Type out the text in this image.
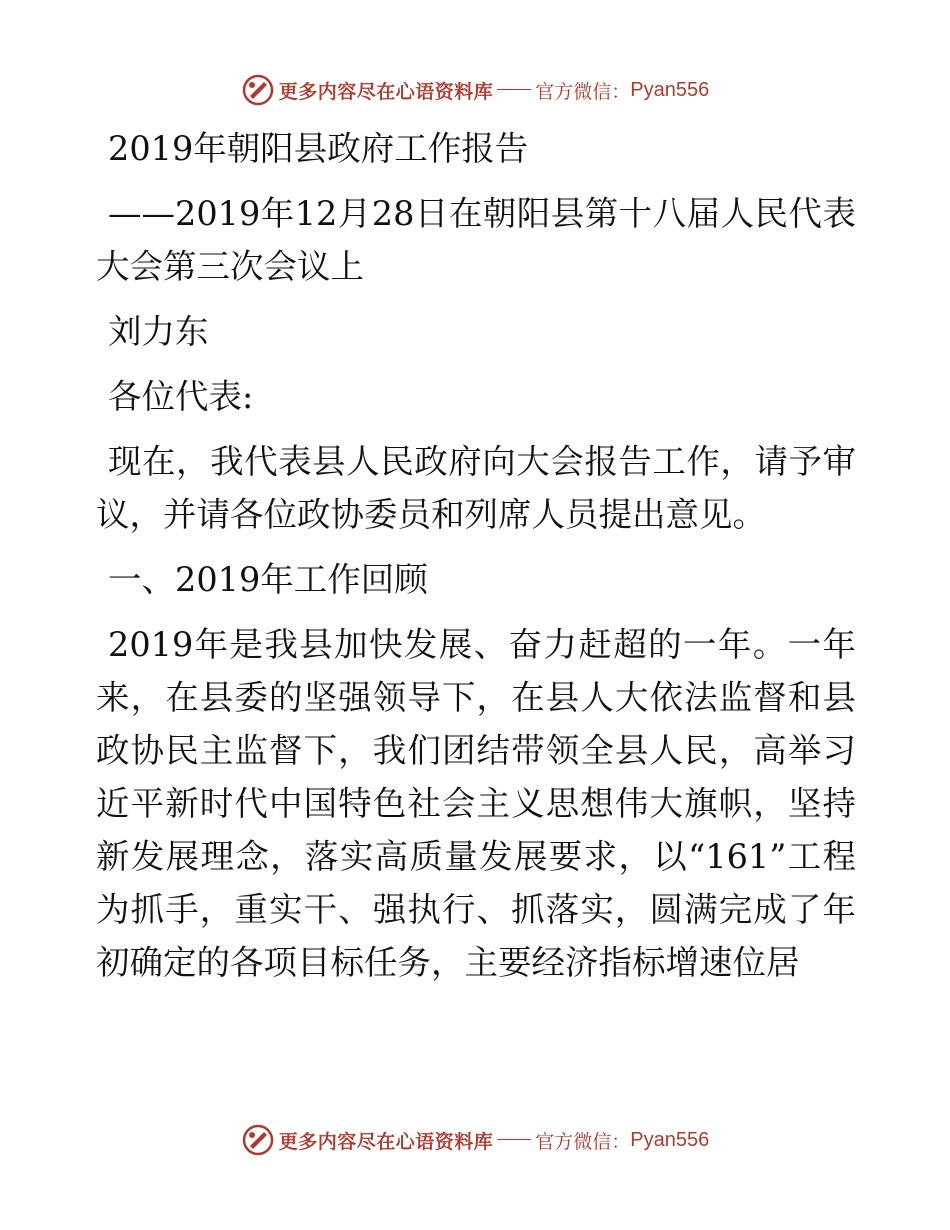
更多内容尽在心语资料库 官方微信： Pyan556

2019年朝阳县政府工作报告

——2019年12月28日在朝阳县第十八届人民代表大会第三次会议上

刘力东

各位代表:

现在，我代表县人民政府向大会报告工作，请予审议，并请各位政协委员和列席人员提出意见。

一、2019年工作回顾

2019年是我县加快发展、奋力赶超的一年。一年来，在县委的坚强领导下，在县人大依法监督和县政协民主监督下，我们团结带领全县人民，高举习近平新时代中国特色社会主义思想伟大旗帜，坚持新发展理念，落实高质量发展要求，以“161”工程为抓手，重实干、强执行、抓落实，圆满完成了年初确定的各项目标任务，主要经济指标增速位居

更多内容尽在心语资料库 官方微信： Pyan556
